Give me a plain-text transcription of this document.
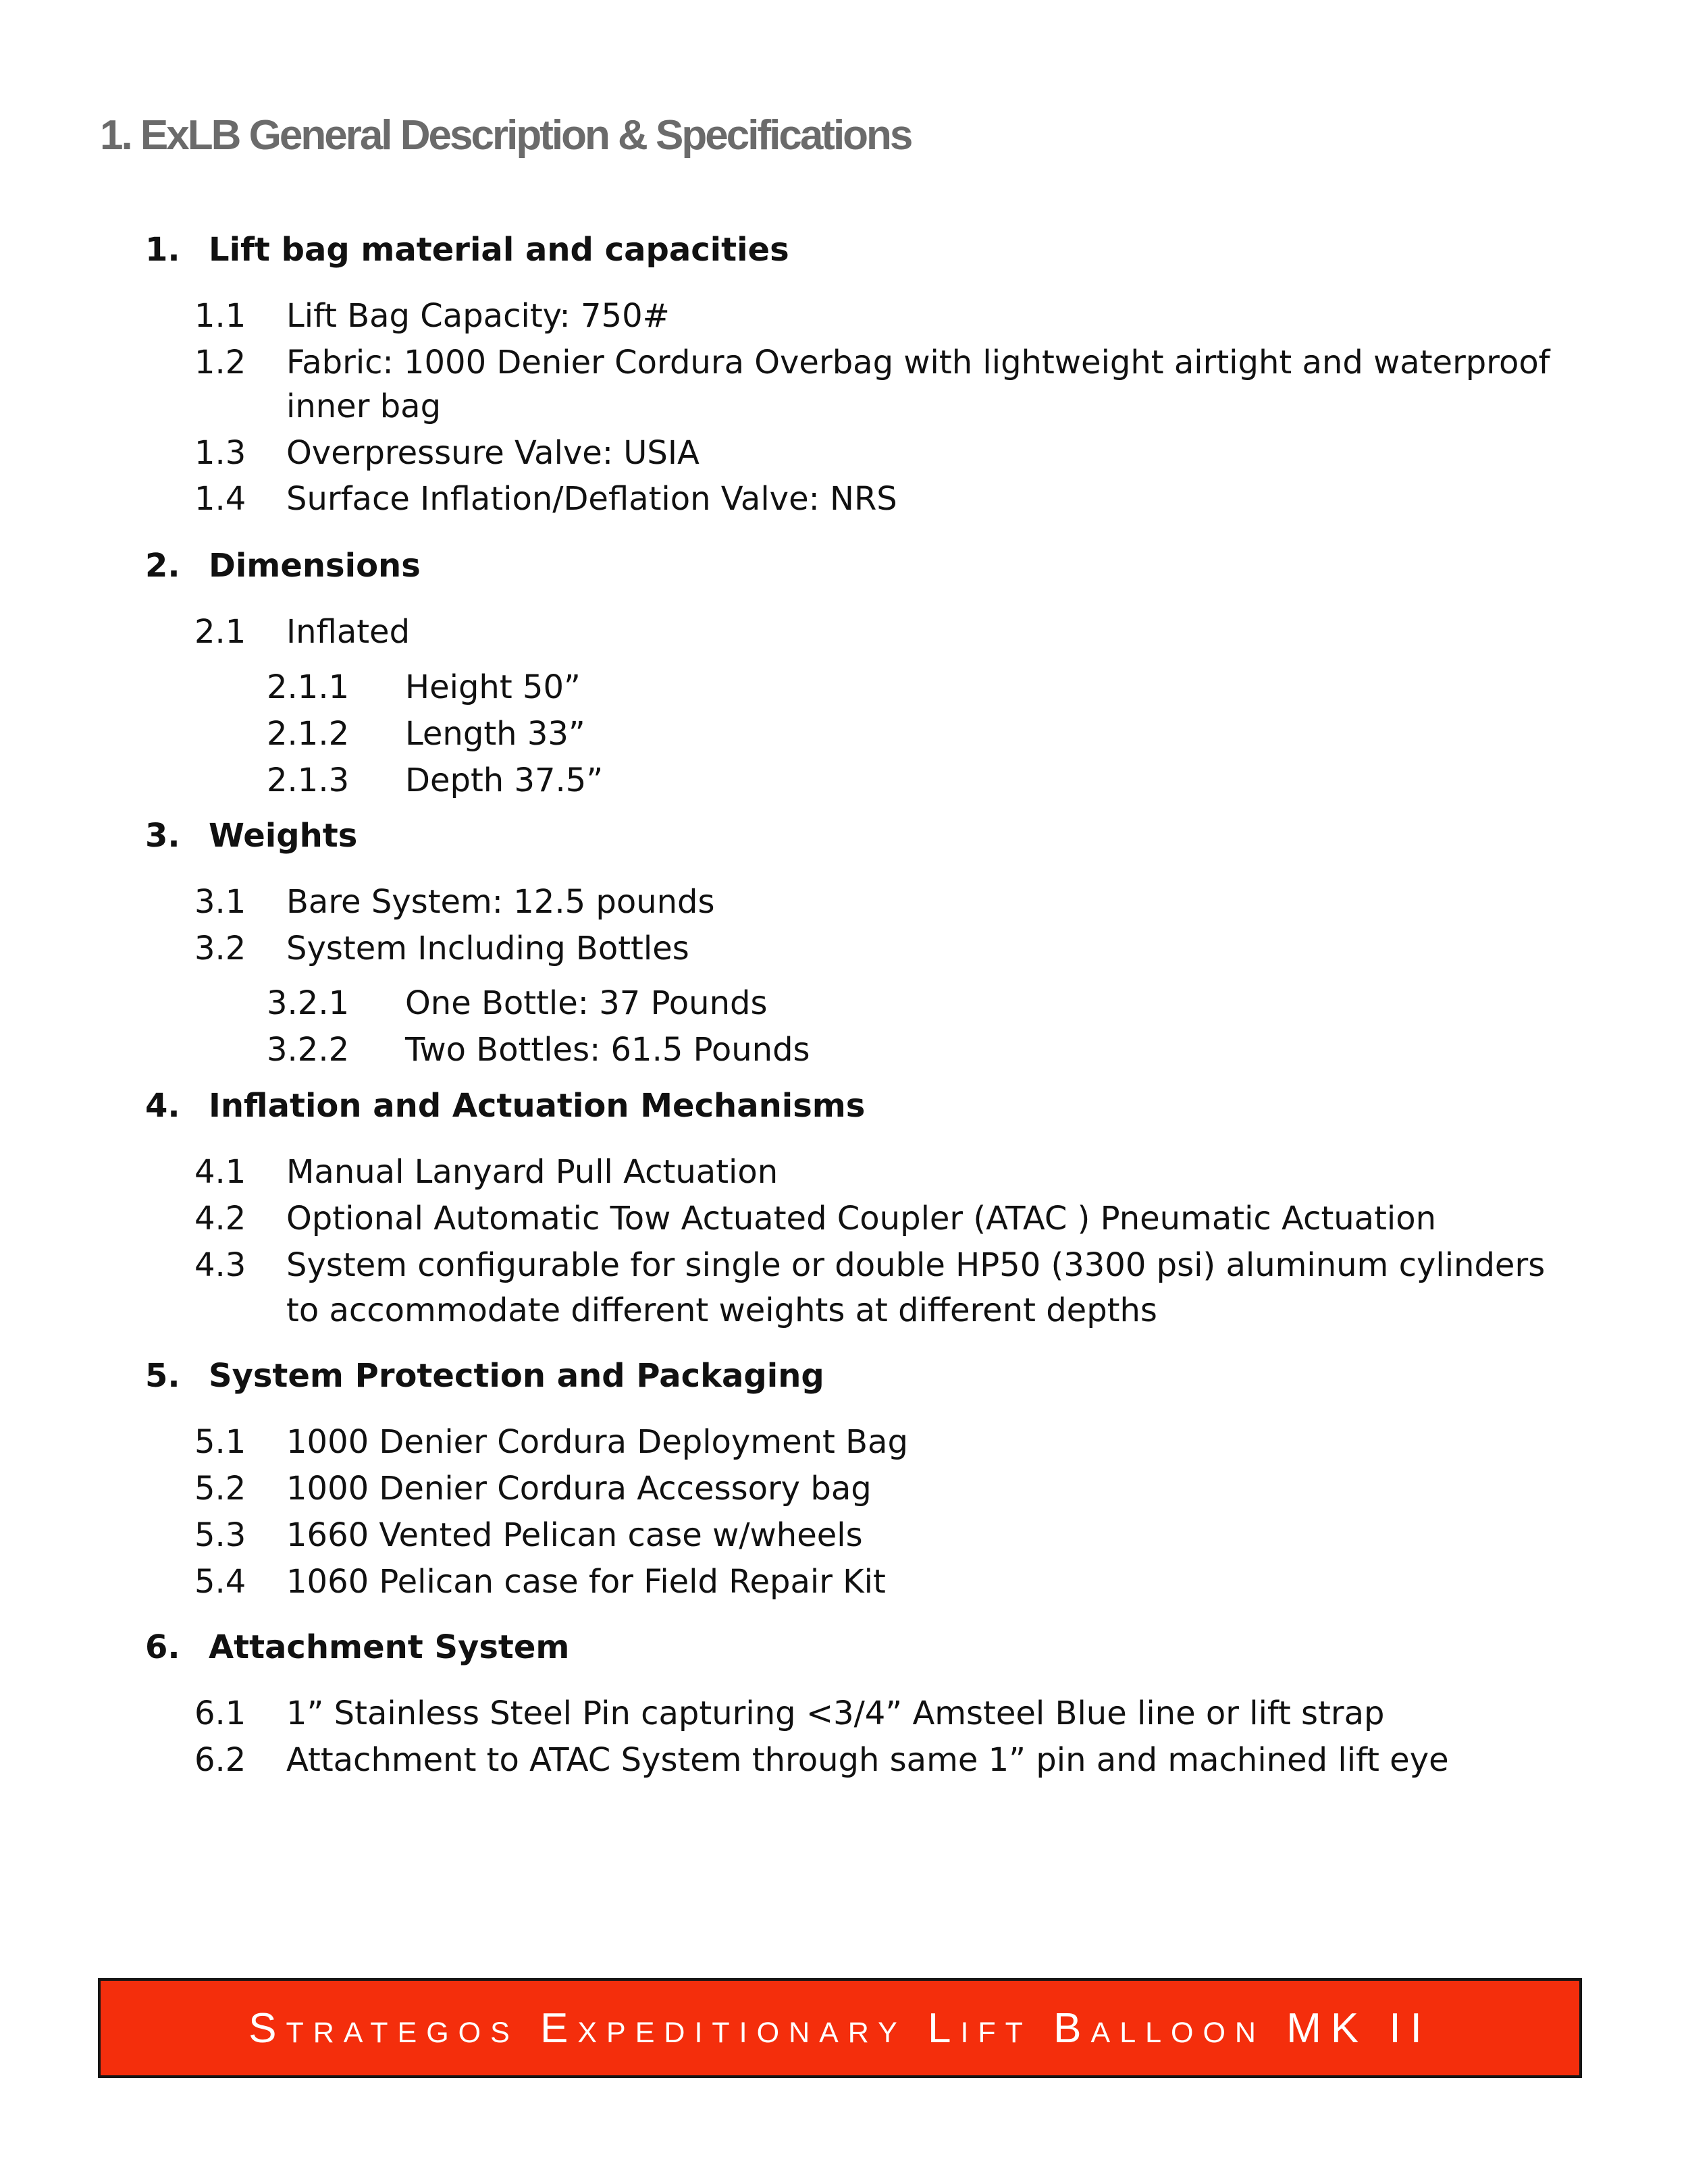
1. ExLB General Description & Specifications
1. Lift bag material and capacities
1.1 Lift Bag Capacity: 750#
1.2 Fabric: 1000 Denier Cordura Overbag with lightweight airtight and waterproof
inner bag
1.3 Overpressure Valve: USIA
1.4 Surface Inflation/Deflation Valve: NRS
2. Dimensions
2.1 Inflated
2.1.1 Height 50”
2.1.2 Length 33”
2.1.3 Depth 37.5”
3. Weights
3.1 Bare System: 12.5 pounds
3.2 System Including Bottles
3.2.1 One Bottle: 37 Pounds
3.2.2 Two Bottles: 61.5 Pounds
4. Inflation and Actuation Mechanisms
4.1 Manual Lanyard Pull Actuation
4.2 Optional Automatic Tow Actuated Coupler (ATAC ) Pneumatic Actuation
4.3 System configurable for single or double HP50 (3300 psi) aluminum cylinders
to accommodate different weights at different depths
5. System Protection and Packaging
5.1 1000 Denier Cordura Deployment Bag
5.2 1000 Denier Cordura Accessory bag
5.3 1660 Vented Pelican case w/wheels
5.4 1060 Pelican case for Field Repair Kit
6. Attachment System
6.1 1” Stainless Steel Pin capturing <3/4” Amsteel Blue line or lift strap
6.2 Attachment to ATAC System through same 1” pin and machined lift eye
Strategos Expeditionary Lift Balloon MK II
